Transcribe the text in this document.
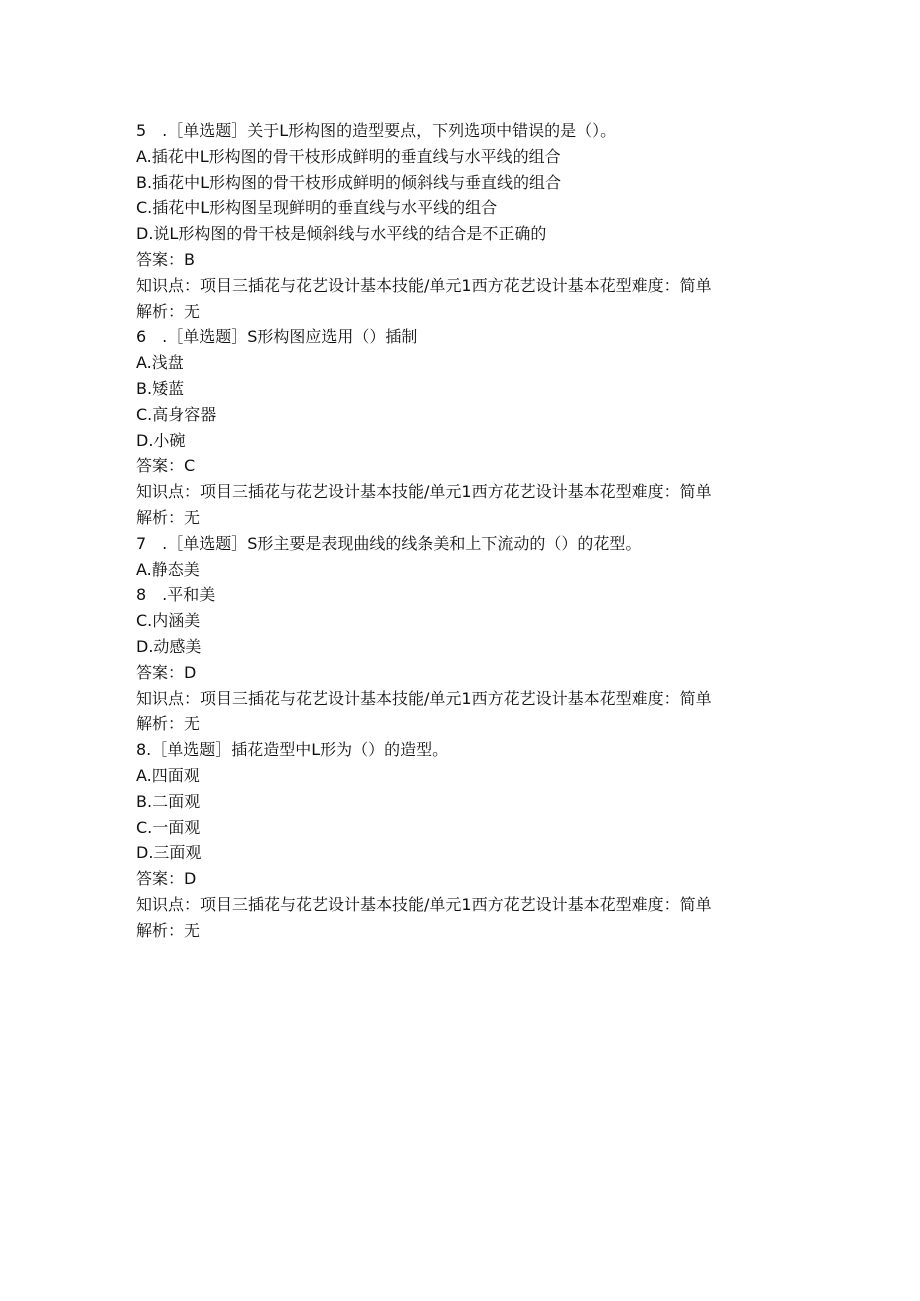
5　.［单选题］关于L形构图的造型要点，下列选项中错误的是（）。
A.插花中L形构图的骨干枝形成鲜明的垂直线与水平线的组合
B.插花中L形构图的骨干枝形成鲜明的倾斜线与垂直线的组合
C.插花中L形构图呈现鲜明的垂直线与水平线的组合
D.说L形构图的骨干枝是倾斜线与水平线的结合是不正确的
答案：B
知识点：项目三插花与花艺设计基本技能/单元1西方花艺设计基本花型难度：简单
解析：无
6　.［单选题］S形构图应选用（）插制
A.浅盘
B.矮蓝
C.高身容器
D.小碗
答案：C
知识点：项目三插花与花艺设计基本技能/单元1西方花艺设计基本花型难度：简单
解析：无
7　.［单选题］S形主要是表现曲线的线条美和上下流动的（）的花型。
A.静态美
8　.平和美
C.内涵美
D.动感美
答案：D
知识点：项目三插花与花艺设计基本技能/单元1西方花艺设计基本花型难度：简单
解析：无
8.［单选题］插花造型中L形为（）的造型。
A.四面观
B.二面观
C.一面观
D.三面观
答案：D
知识点：项目三插花与花艺设计基本技能/单元1西方花艺设计基本花型难度：简单
解析：无
